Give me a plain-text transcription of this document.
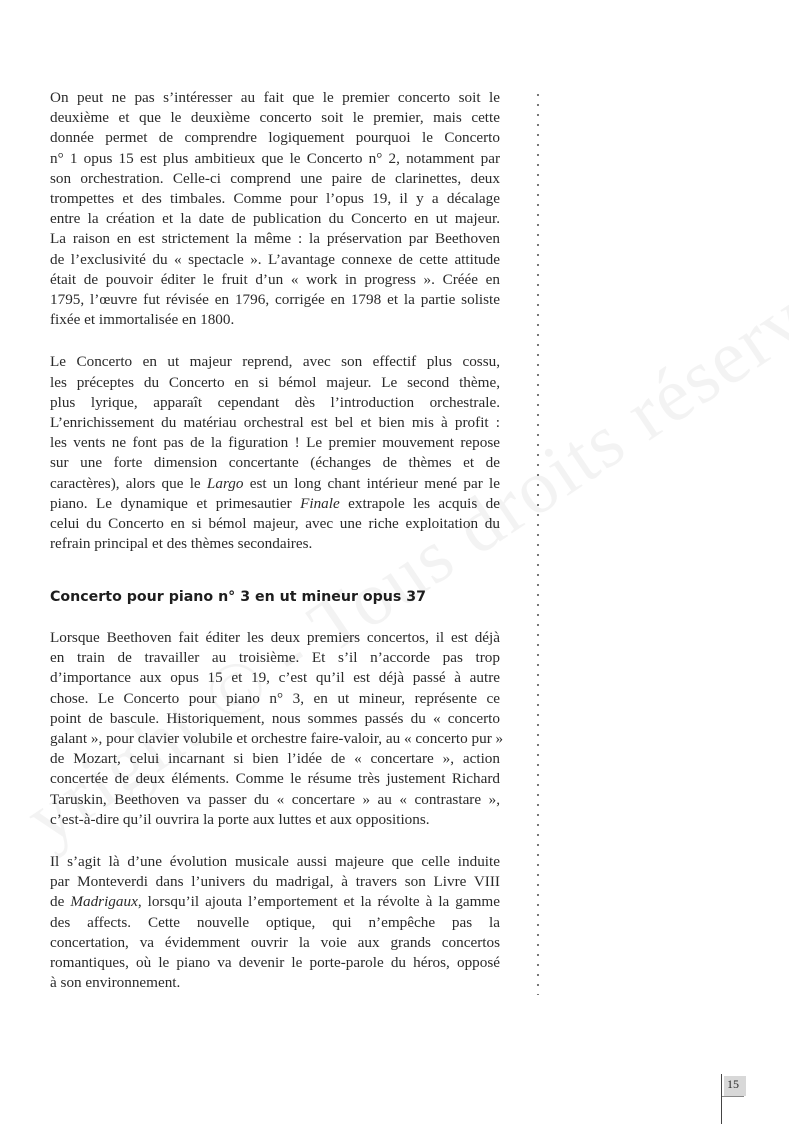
On peut ne pas s’intéresser au fait que le premier concerto soit le
deuxième et que le deuxième concerto soit le premier, mais cette
donnée permet de comprendre logiquement pourquoi le Concerto
n° 1 opus 15 est plus ambitieux que le Concerto n° 2, notamment par
son orchestration. Celle-ci comprend une paire de clarinettes, deux
trompettes et des timbales. Comme pour l’opus 19, il y a décalage
entre la création et la date de publication du Concerto en ut majeur.
La raison en est strictement la même : la préservation par Beethoven
de l’exclusivité du « spectacle ». L’avantage connexe de cette attitude
était de pouvoir éditer le fruit d’un « work in progress ». Créée en
1795, l’œuvre fut révisée en 1796, corrigée en 1798 et la partie soliste
fixée et immortalisée en 1800.

Le Concerto en ut majeur reprend, avec son effectif plus cossu,
les préceptes du Concerto en si bémol majeur. Le second thème,
plus lyrique, apparaît cependant dès l’introduction orchestrale.
L’enrichissement du matériau orchestral est bel et bien mis à profit :
les vents ne font pas de la figuration ! Le premier mouvement repose
sur une forte dimension concertante (échanges de thèmes et de
caractères), alors que le Largo est un long chant intérieur mené par le
piano. Le dynamique et primesautier Finale extrapole les acquis de
celui du Concerto en si bémol majeur, avec une riche exploitation du
refrain principal et des thèmes secondaires.

Concerto pour piano n° 3 en ut mineur opus 37

Lorsque Beethoven fait éditer les deux premiers concertos, il est déjà
en train de travailler au troisième. Et s’il n’accorde pas trop
d’importance aux opus 15 et 19, c’est qu’il est déjà passé à autre
chose. Le Concerto pour piano n° 3, en ut mineur, représente ce
point de bascule. Historiquement, nous sommes passés du « concerto
galant », pour clavier volubile et orchestre faire-valoir, au « concerto pur »
de Mozart, celui incarnant si bien l’idée de « concertare », action
concertée de deux éléments. Comme le résume très justement Richard
Taruskin, Beethoven va passer du « concertare » au « contrastare »,
c’est-à-dire qu’il ouvrira la porte aux luttes et aux oppositions.

Il s’agit là d’une évolution musicale aussi majeure que celle induite
par Monteverdi dans l’univers du madrigal, à travers son Livre VIII
de Madrigaux, lorsqu’il ajouta l’emportement et la révolte à la gamme
des affects. Cette nouvelle optique, qui n’empêche pas la
concertation, va évidemment ouvrir la voie aux grands concertos
romantiques, où le piano va devenir le porte-parole du héros, opposé
à son environnement.

15
